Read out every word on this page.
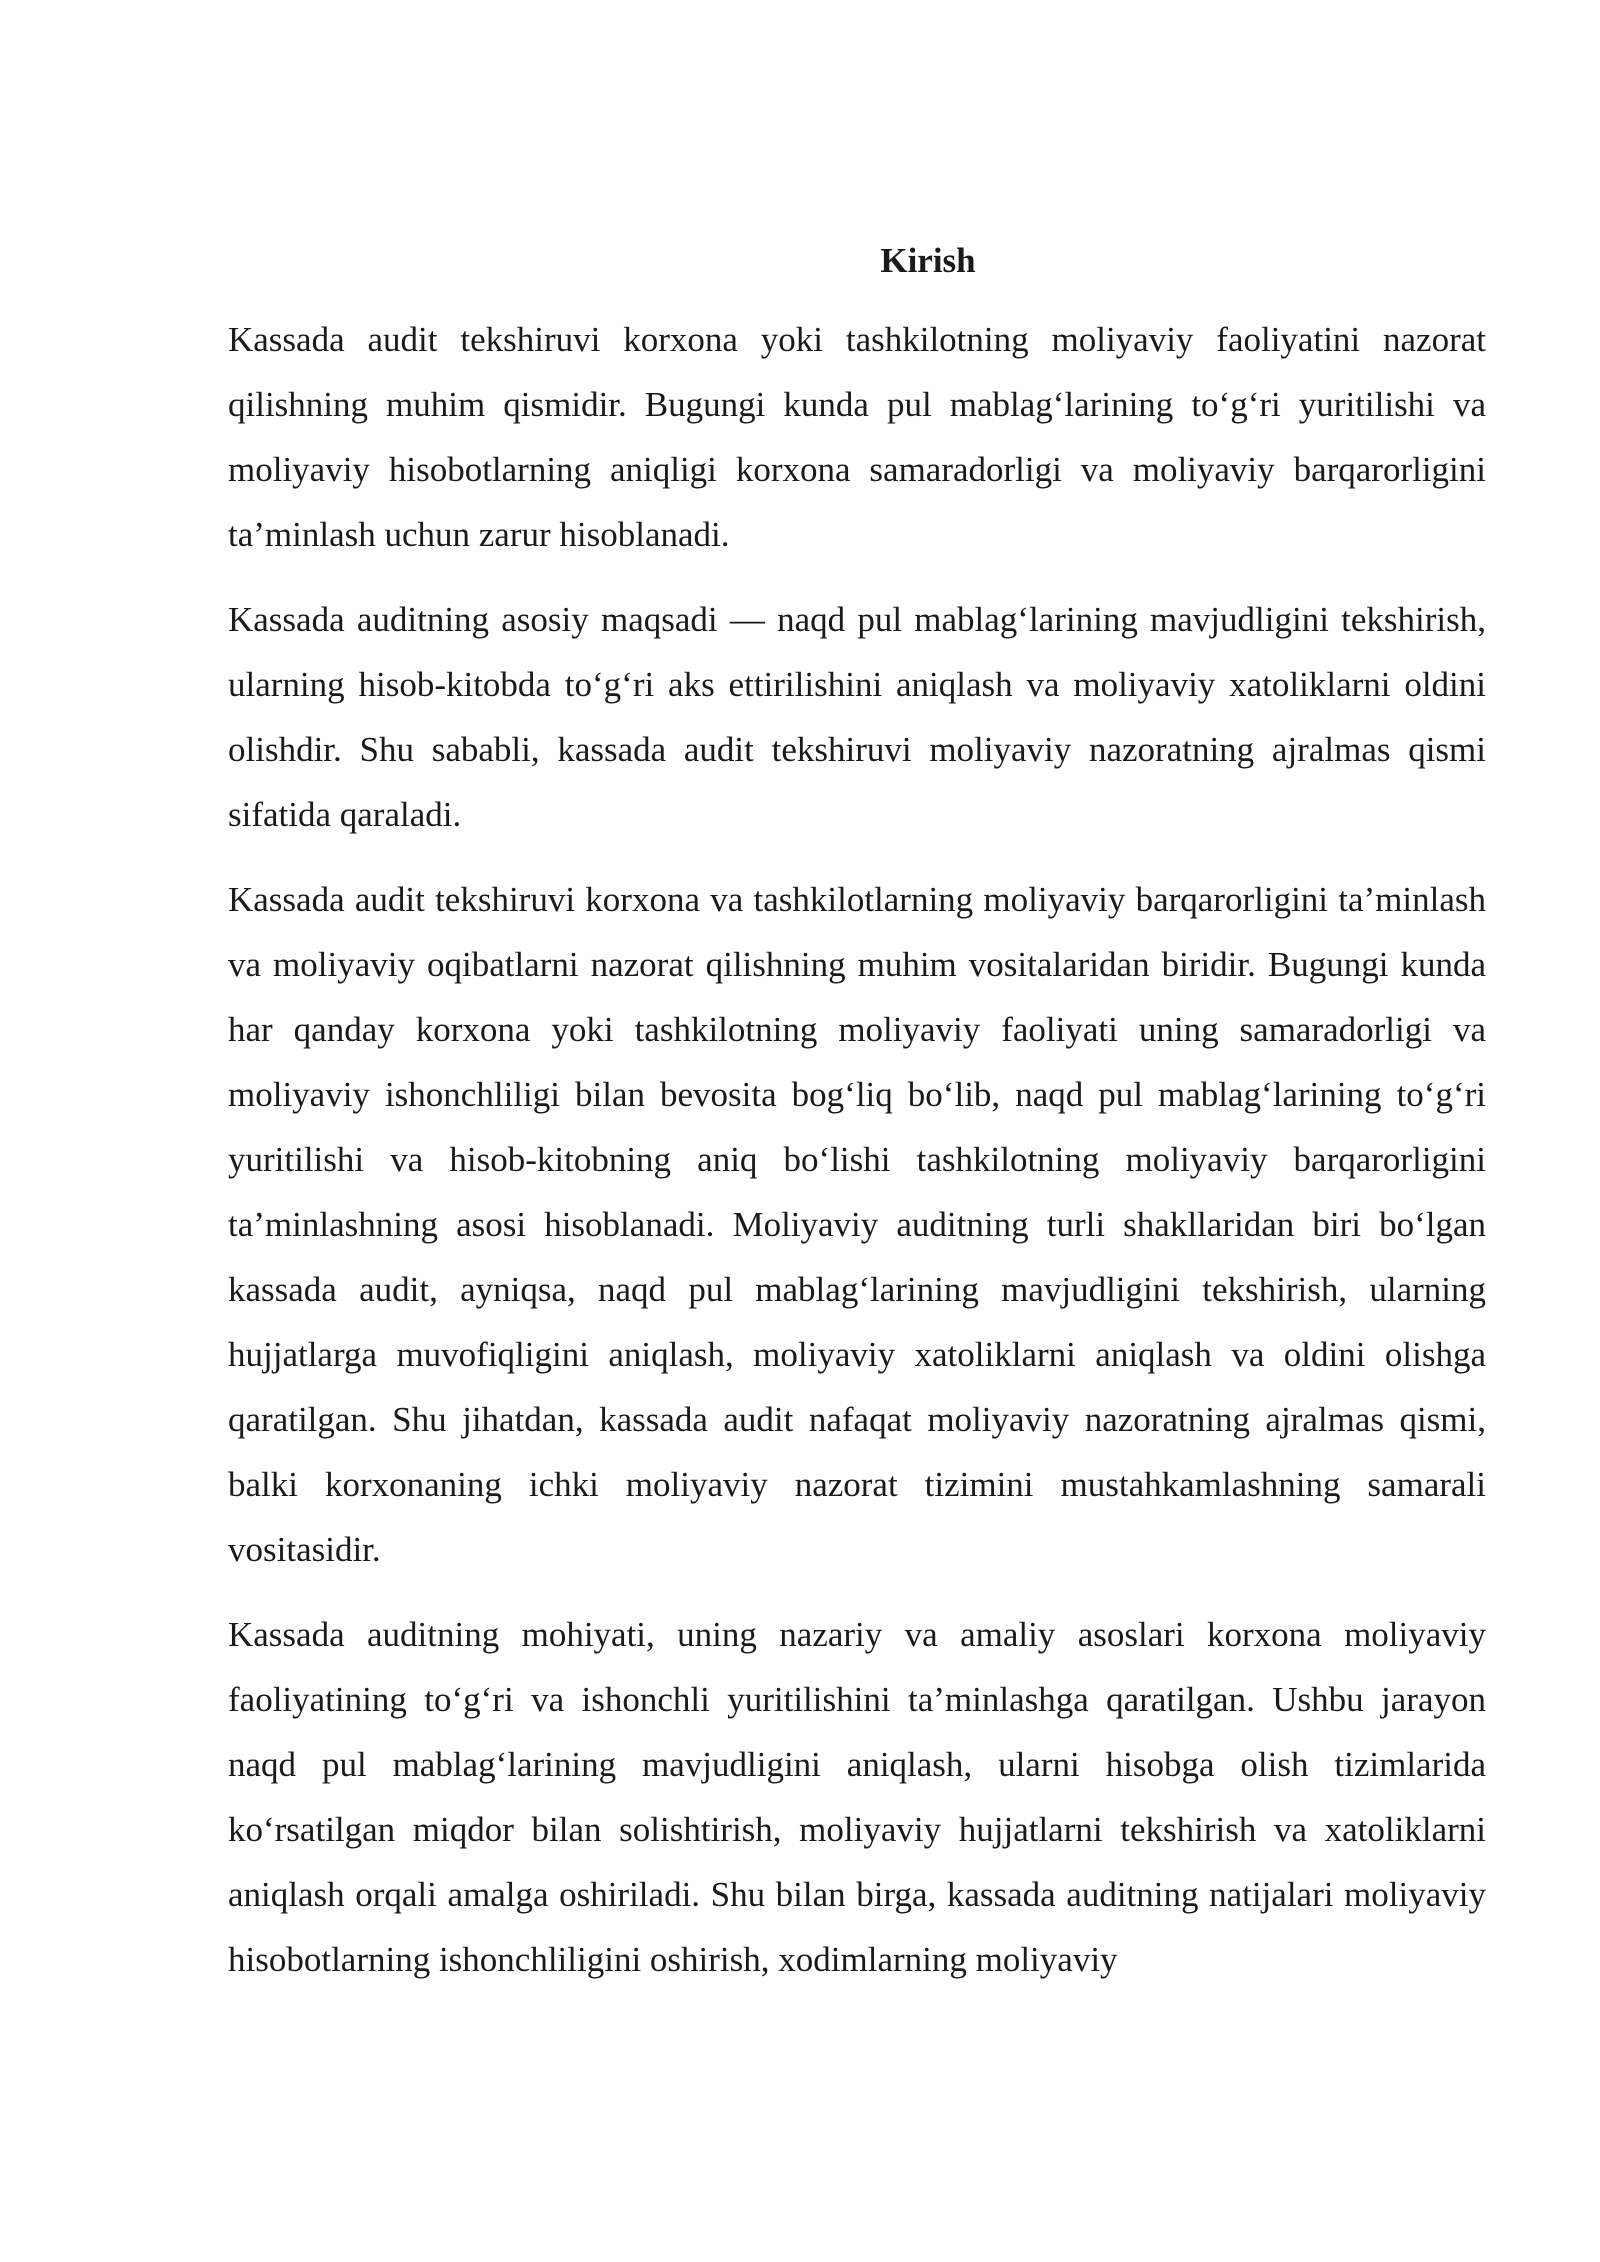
Kirish

Kassada audit tekshiruvi korxona yoki tashkilotning moliyaviy faoliyatini nazorat qilishning muhim qismidir. Bugungi kunda pul mablag‘larining to‘g‘ri yuritilishi va moliyaviy hisobotlarning aniqligi korxona samaradorligi va moliyaviy barqarorligini ta’minlash uchun zarur hisoblanadi.

Kassada auditning asosiy maqsadi — naqd pul mablag‘larining mavjudligini tekshirish, ularning hisob-kitobda to‘g‘ri aks ettirilishini aniqlash va moliyaviy xatoliklarni oldini olishdir. Shu sababli, kassada audit tekshiruvi moliyaviy nazoratning ajralmas qismi sifatida qaraladi.

Kassada audit tekshiruvi korxona va tashkilotlarning moliyaviy barqarorligini ta’minlash va moliyaviy oqibatlarni nazorat qilishning muhim vositalaridan biridir. Bugungi kunda har qanday korxona yoki tashkilotning moliyaviy faoliyati uning samaradorligi va moliyaviy ishonchliligi bilan bevosita bog‘liq bo‘lib, naqd pul mablag‘larining to‘g‘ri yuritilishi va hisob-kitobning aniq bo‘lishi tashkilotning moliyaviy barqarorligini ta’minlashning asosi hisoblanadi. Moliyaviy auditning turli shakllaridan biri bo‘lgan kassada audit, ayniqsa, naqd pul mablag‘larining mavjudligini tekshirish, ularning hujjatlarga muvofiqligini aniqlash, moliyaviy xatoliklarni aniqlash va oldini olishga qaratilgan. Shu jihatdan, kassada audit nafaqat moliyaviy nazoratning ajralmas qismi, balki korxonaning ichki moliyaviy nazorat tizimini mustahkamlashning samarali vositasidir.

Kassada auditning mohiyati, uning nazariy va amaliy asoslari korxona moliyaviy faoliyatining to‘g‘ri va ishonchli yuritilishini ta’minlashga qaratilgan. Ushbu jarayon naqd pul mablag‘larining mavjudligini aniqlash, ularni hisobga olish tizimlarida ko‘rsatilgan miqdor bilan solishtirish, moliyaviy hujjatlarni tekshirish va xatoliklarni aniqlash orqali amalga oshiriladi. Shu bilan birga, kassada auditning natijalari moliyaviy hisobotlarning ishonchliligini oshirish, xodimlarning moliyaviy
